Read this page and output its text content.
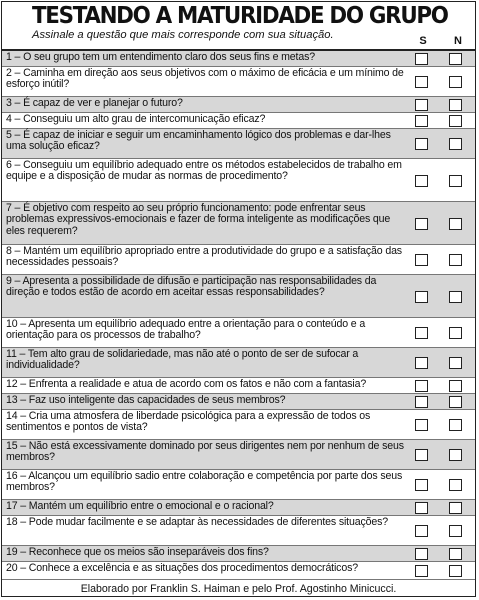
TESTANDO A MATURIDADE DO GRUPO
Assinale a questão que mais corresponde com sua situação.	S	N
1 – O seu grupo tem um entendimento claro dos seus fins e metas?
2 – Caminha em direção aos seus objetivos com o máximo de eficácia e um mínimo de esforço inútil?
3 – É capaz de ver e planejar o futuro?
4 – Conseguiu um alto grau de intercomunicação eficaz?
5 – É capaz de iniciar e seguir um encaminhamento lógico dos problemas e dar-lhes uma solução eficaz?
6 – Conseguiu um equilíbrio adequado entre os métodos estabelecidos de trabalho em equipe e a disposição de mudar as normas de procedimento?
7 – É objetivo com respeito ao seu próprio funcionamento: pode enfrentar seus problemas expressivos-emocionais e fazer de forma inteligente as modificações que eles requerem?
8 – Mantém um equilíbrio apropriado entre a produtividade do grupo e a satisfação das necessidades pessoais?
9 – Apresenta a possibilidade de difusão e participação nas responsabilidades da direção e todos estão de acordo em aceitar essas responsabilidades?
10 – Apresenta um equilíbrio adequado entre a orientação para o conteúdo e a orientação para os processos de trabalho?
11 – Tem alto grau de solidariedade, mas não até o ponto de ser de sufocar a individualidade?
12 – Enfrenta a realidade e atua de acordo com os fatos e não com a fantasia?
13 – Faz uso inteligente das capacidades de seus membros?
14 – Cria uma atmosfera de liberdade psicológica para a expressão de todos os sentimentos e pontos de vista?
15 – Não está excessivamente dominado por seus dirigentes nem por nenhum de seus membros?
16 – Alcançou um equilíbrio sadio entre colaboração e competência por parte dos seus membros?
17 – Mantém um equilíbrio entre o emocional e o racional?
18 – Pode mudar facilmente e se adaptar às necessidades de diferentes situações?
19 – Reconhece que os meios são inseparáveis dos fins?
20 – Conhece a excelência e as situações dos procedimentos democráticos?
Elaborado por Franklin S. Haiman e pelo Prof. Agostinho Minicucci.
